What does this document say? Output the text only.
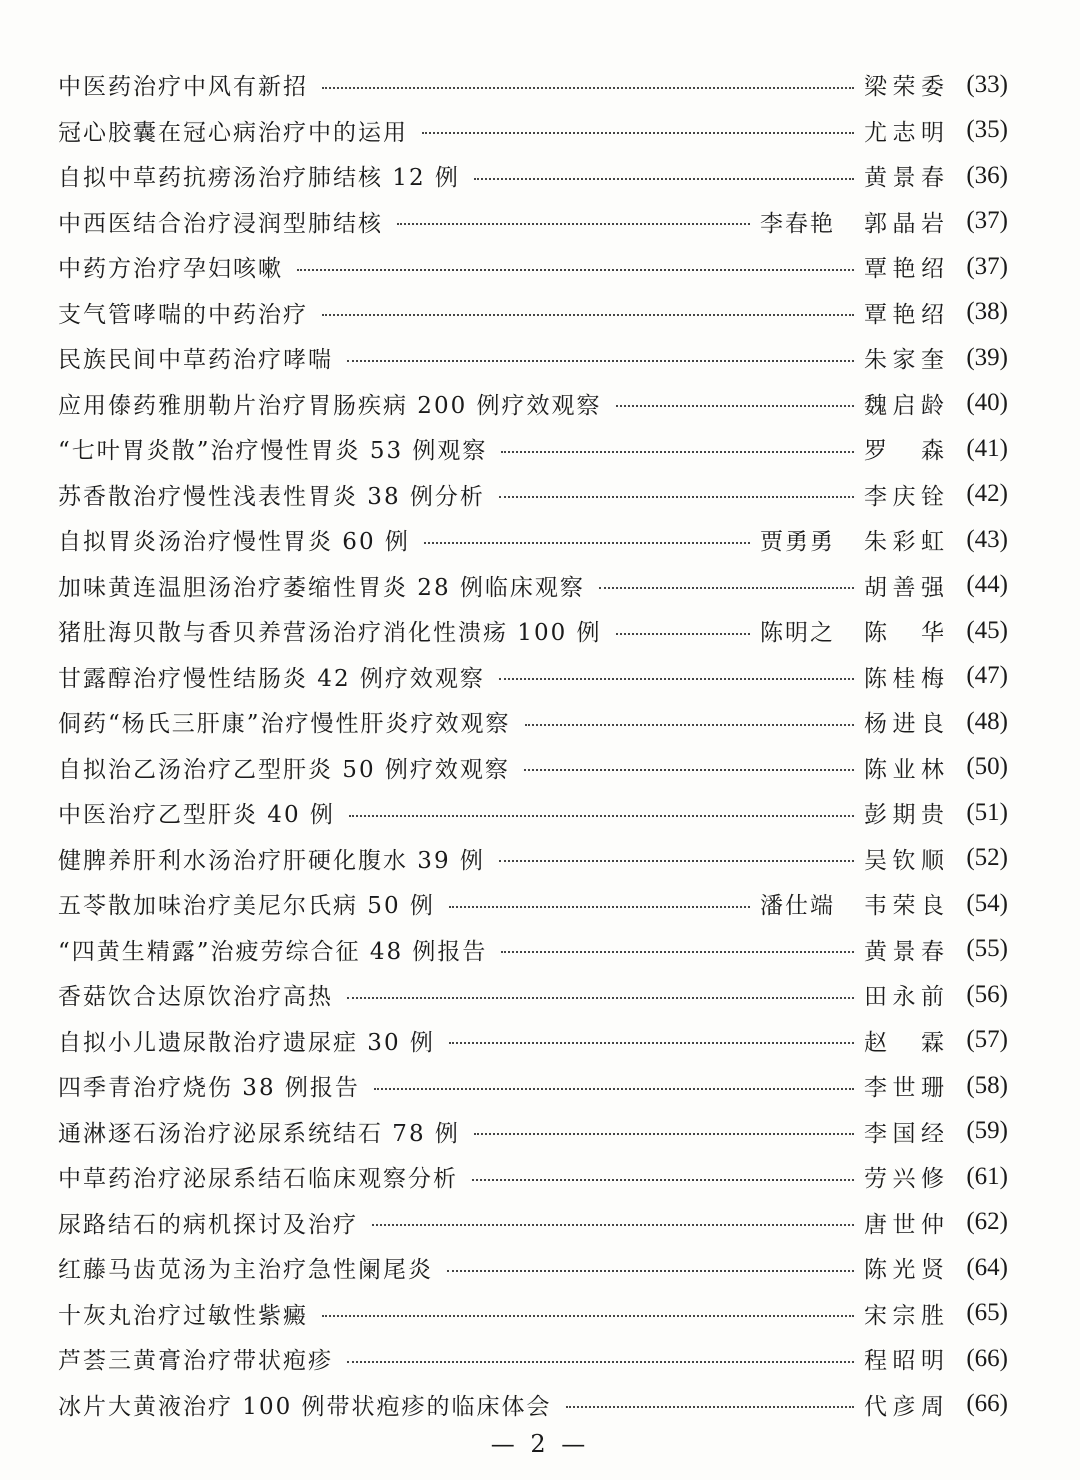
中医药治疗中风有新招	梁荣委 (33)
冠心胶囊在冠心病治疗中的运用	尤志明 (35)
自拟中草药抗痨汤治疗肺结核 12 例	黄景春 (36)
中西医结合治疗浸润型肺结核	李春艳 郭晶岩 (37)
中药方治疗孕妇咳嗽	覃艳绍 (37)
支气管哮喘的中药治疗	覃艳绍 (38)
民族民间中草药治疗哮喘	朱家奎 (39)
应用傣药雅朋勒片治疗胃肠疾病 200 例疗效观察	魏启龄 (40)
“七叶胃炎散”治疗慢性胃炎 53 例观察	罗 森 (41)
苏香散治疗慢性浅表性胃炎 38 例分析	李庆铨 (42)
自拟胃炎汤治疗慢性胃炎 60 例	贾勇勇 朱彩虹 (43)
加味黄连温胆汤治疗萎缩性胃炎 28 例临床观察	胡善强 (44)
猪肚海贝散与香贝养营汤治疗消化性溃疡 100 例	陈明之 陈 华 (45)
甘露醇治疗慢性结肠炎 42 例疗效观察	陈桂梅 (47)
侗药“杨氏三肝康”治疗慢性肝炎疗效观察	杨进良 (48)
自拟治乙汤治疗乙型肝炎 50 例疗效观察	陈业林 (50)
中医治疗乙型肝炎 40 例	彭期贵 (51)
健脾养肝利水汤治疗肝硬化腹水 39 例	吴钦顺 (52)
五苓散加味治疗美尼尔氏病 50 例	潘仕端 韦荣良 (54)
“四黄生精露”治疲劳综合征 48 例报告	黄景春 (55)
香菇饮合达原饮治疗高热	田永前 (56)
自拟小儿遗尿散治疗遗尿症 30 例	赵 霖 (57)
四季青治疗烧伤 38 例报告	李世珊 (58)
通淋逐石汤治疗泌尿系统结石 78 例	李国经 (59)
中草药治疗泌尿系结石临床观察分析	劳兴修 (61)
尿路结石的病机探讨及治疗	唐世仲 (62)
红藤马齿苋汤为主治疗急性阑尾炎	陈光贤 (64)
十灰丸治疗过敏性紫癜	宋宗胜 (65)
芦荟三黄膏治疗带状疱疹	程昭明 (66)
冰片大黄液治疗 100 例带状疱疹的临床体会	代彦周 (66)
— 2 —
